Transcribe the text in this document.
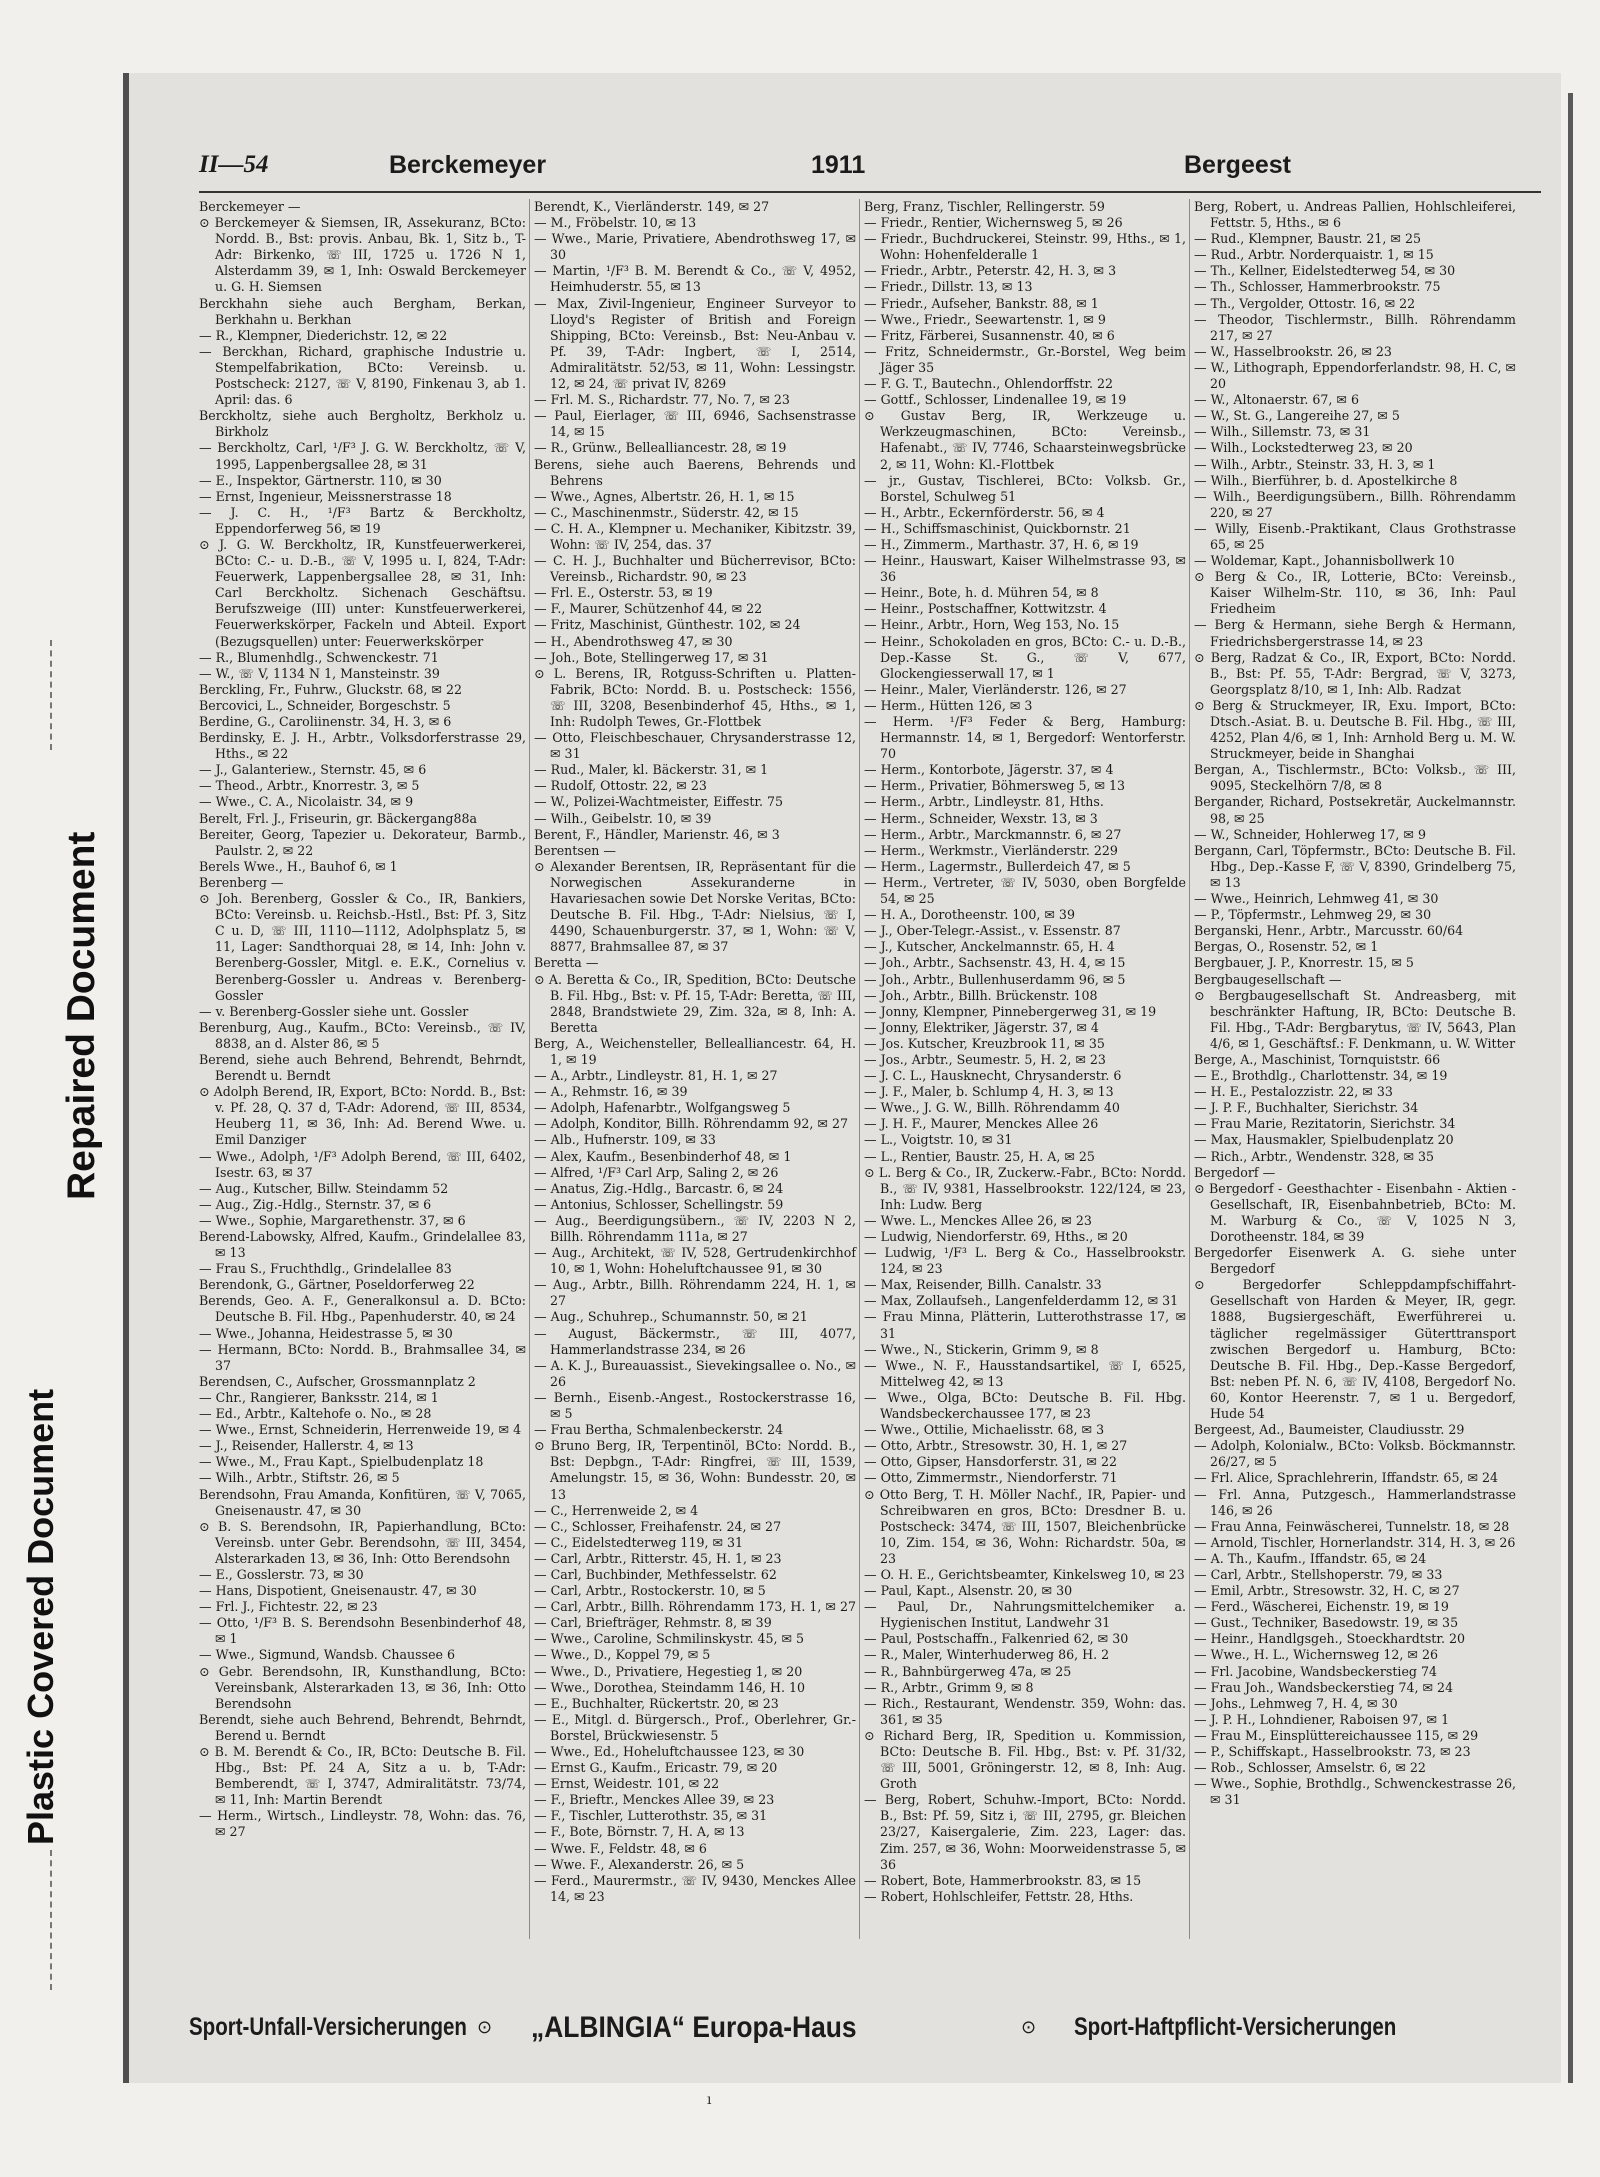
Plastic Covered Document
Repaired Document
II—54	Berckemeyer	1911	Bergeest

Berckemeyer —

⊙ Berckemeyer & Siemsen, IR, Assekuranz, BCto: Nordd. B., Bst: provis. Anbau, Bk. 1, Sitz b., T-Adr: Birkenko, ☏ III, 1725 u. 1726 N 1, Alsterdamm 39, ✉ 1, Inh: Oswald Berckemeyer u. G. H. Siemsen

Berckhahn siehe auch Bergham, Berkan, Berkhahn u. Berkhan

— R., Klempner, Diederichstr. 12, ✉ 22

— Berckhan, Richard, graphische Industrie u. Stempelfabrikation, BCto: Vereinsb. u. Postscheck: 2127, ☏ V, 8190, Finkenau 3, ab 1. April: das. 6

Berckholtz, siehe auch Bergholtz, Berkholz u. Birkholz

— Berckholtz, Carl, ¹/F³ J. G. W. Berckholtz, ☏ V, 1995, Lappenbergsallee 28, ✉ 31

— E., Inspektor, Gärtnerstr. 110, ✉ 30

— Ernst, Ingenieur, Meissnerstrasse 18

— J. C. H., ¹/F³ Bartz & Berckholtz, Eppendorferweg 56, ✉ 19

⊙ J. G. W. Berckholtz, IR, Kunstfeuerwerkerei, BCto: C.- u. D.-B., ☏ V, 1995 u. I, 824, T-Adr: Feuerwerk, Lappenbergsallee 28, ✉ 31, Inh: Carl Berckholtz. Sichenach Geschäftsu. Berufszweige (III) unter: Kunstfeuerwerkerei, Feuerwerkskörper, Fackeln und Abteil. Export (Bezugsquellen) unter: Feuerwerkskörper

— R., Blumenhdlg., Schwenckestr. 71

— W., ☏ V, 1134 N 1, Mansteinstr. 39

Berckling, Fr., Fuhrw., Gluckstr. 68, ✉ 22

Bercovici, L., Schneider, Borgeschstr. 5

Berdine, G., Caroliinenstr. 34, H. 3, ✉ 6

Berdinsky, E. J. H., Arbtr., Volksdorferstrasse 29, Hths., ✉ 22

— J., Galanteriew., Sternstr. 45, ✉ 6

— Theod., Arbtr., Knorrestr. 3, ✉ 5

— Wwe., C. A., Nicolaistr. 34, ✉ 9

Berelt, Frl. J., Friseurin, gr. Bäckergang88a

Bereiter, Georg, Tapezier u. Dekorateur, Barmb., Paulstr. 2, ✉ 22

Berels Wwe., H., Bauhof 6, ✉ 1

Berenberg —

⊙ Joh. Berenberg, Gossler & Co., IR, Bankiers, BCto: Vereinsb. u. Reichsb.-Hstl., Bst: Pf. 3, Sitz C u. D, ☏ III, 1110—1112, Adolphsplatz 5, ✉ 11, Lager: Sandthorquai 28, ✉ 14, Inh: John v. Berenberg-Gossler, Mitgl. e. E.K., Cornelius v. Berenberg-Gossler u. Andreas v. Berenberg-Gossler

— v. Berenberg-Gossler siehe unt. Gossler

Berenburg, Aug., Kaufm., BCto: Vereinsb., ☏ IV, 8838, an d. Alster 86, ✉ 5

Berend, siehe auch Behrend, Behrendt, Behrndt, Berendt u. Berndt

⊙ Adolph Berend, IR, Export, BCto: Nordd. B., Bst: v. Pf. 28, Q. 37 d, T-Adr: Adorend, ☏ III, 8534, Heuberg 11, ✉ 36, Inh: Ad. Berend Wwe. u. Emil Danziger

— Wwe., Adolph, ¹/F³ Adolph Berend, ☏ III, 6402, Isestr. 63, ✉ 37

— Aug., Kutscher, Billw. Steindamm 52

— Aug., Zig.-Hdlg., Sternstr. 37, ✉ 6

— Wwe., Sophie, Margarethenstr. 37, ✉ 6

Berend-Labowsky, Alfred, Kaufm., Grindelallee 83, ✉ 13

— Frau S., Fruchthdlg., Grindelallee 83

Berendonk, G., Gärtner, Poseldorferweg 22

Berends, Geo. A. F., Generalkonsul a. D. BCto: Deutsche B. Fil. Hbg., Papenhuderstr. 40, ✉ 24

— Wwe., Johanna, Heidestrasse 5, ✉ 30

— Hermann, BCto: Nordd. B., Brahmsallee 34, ✉ 37

Berendsen, C., Aufscher, Grossmannplatz 2

— Chr., Rangierer, Banksstr. 214, ✉ 1

— Ed., Arbtr., Kaltehofe o. No., ✉ 28

— Wwe., Ernst, Schneiderin, Herrenweide 19, ✉ 4

— J., Reisender, Hallerstr. 4, ✉ 13

— Wwe., M., Frau Kapt., Spielbudenplatz 18

— Wilh., Arbtr., Stiftstr. 26, ✉ 5

Berendsohn, Frau Amanda, Konfitüren, ☏ V, 7065, Gneisenaustr. 47, ✉ 30

⊙ B. S. Berendsohn, IR, Papierhandlung, BCto: Vereinsb. unter Gebr. Berendsohn, ☏ III, 3454, Alsterarkaden 13, ✉ 36, Inh: Otto Berendsohn

— E., Gosslerstr. 73, ✉ 30

— Hans, Dispotient, Gneisenaustr. 47, ✉ 30

— Frl. J., Fichtestr. 22, ✉ 23

— Otto, ¹/F³ B. S. Berendsohn Besenbinderhof 48, ✉ 1

— Wwe., Sigmund, Wandsb. Chaussee 6

⊙ Gebr. Berendsohn, IR, Kunsthandlung, BCto: Vereinsbank, Alsterarkaden 13, ✉ 36, Inh: Otto Berendsohn

Berendt, siehe auch Behrend, Behrendt, Behrndt, Berend u. Berndt

⊙ B. M. Berendt & Co., IR, BCto: Deutsche B. Fil. Hbg., Bst: Pf. 24 A, Sitz a u. b, T-Adr: Bemberendt, ☏ I, 3747, Admiralitätstr. 73/74, ✉ 11, Inh: Martin Berendt

— Herm., Wirtsch., Lindleystr. 78, Wohn: das. 76, ✉ 27

Berendt, K., Vierländerstr. 149, ✉ 27

— M., Fröbelstr. 10, ✉ 13

— Wwe., Marie, Privatiere, Abendrothsweg 17, ✉ 30

— Martin, ¹/F³ B. M. Berendt & Co., ☏ V, 4952, Heimhuderstr. 55, ✉ 13

— Max, Zivil-Ingenieur, Engineer Surveyor to Lloyd's Register of British and Foreign Shipping, BCto: Vereinsb., Bst: Neu-Anbau v. Pf. 39, T-Adr: Ingbert, ☏ I, 2514, Admiralitätstr. 52/53, ✉ 11, Wohn: Lessingstr. 12, ✉ 24, ☏ privat IV, 8269

— Frl. M. S., Richardstr. 77, No. 7, ✉ 23

— Paul, Eierlager, ☏ III, 6946, Sachsenstrasse 14, ✉ 15

— R., Grünw., Bellealliancestr. 28, ✉ 19

Berens, siehe auch Baerens, Behrends und Behrens

— Wwe., Agnes, Albertstr. 26, H. 1, ✉ 15

— C., Maschinenmstr., Süderstr. 42, ✉ 15

— C. H. A., Klempner u. Mechaniker, Kibitzstr. 39, Wohn: ☏ IV, 254, das. 37

— C. H. J., Buchhalter und Bücherrevisor, BCto: Vereinsb., Richardstr. 90, ✉ 23

— Frl. E., Osterstr. 53, ✉ 19

— F., Maurer, Schützenhof 44, ✉ 22

— Fritz, Maschinist, Günthestr. 102, ✉ 24

— H., Abendrothsweg 47, ✉ 30

— Joh., Bote, Stellingerweg 17, ✉ 31

⊙ L. Berens, IR, Rotguss-Schriften u. Platten-Fabrik, BCto: Nordd. B. u. Postscheck: 1556, ☏ III, 3208, Besenbinderhof 45, Hths., ✉ 1, Inh: Rudolph Tewes, Gr.-Flottbek

— Otto, Fleischbeschauer, Chrysanderstrasse 12, ✉ 31

— Rud., Maler, kl. Bäckerstr. 31, ✉ 1

— Rudolf, Ottostr. 22, ✉ 23

— W., Polizei-Wachtmeister, Eiffestr. 75

— Wilh., Geibelstr. 10, ✉ 39

Berent, F., Händler, Marienstr. 46, ✉ 3

Berentsen —

⊙ Alexander Berentsen, IR, Repräsentant für die Norwegischen Assekuranderne in Havariesachen sowie Det Norske Veritas, BCto: Deutsche B. Fil. Hbg., T-Adr: Nielsius, ☏ I, 4490, Schauenburgerstr. 37, ✉ 1, Wohn: ☏ V, 8877, Brahmsallee 87, ✉ 37

Beretta —

⊙ A. Beretta & Co., IR, Spedition, BCto: Deutsche B. Fil. Hbg., Bst: v. Pf. 15, T-Adr: Beretta, ☏ III, 2848, Brandstwiete 29, Zim. 32a, ✉ 8, Inh: A. Beretta

Berg, A., Weichensteller, Bellealliancestr. 64, H. 1, ✉ 19

— A., Arbtr., Lindleystr. 81, H. 1, ✉ 27

— A., Rehmstr. 16, ✉ 39

— Adolph, Hafenarbtr., Wolfgangsweg 5

— Adolph, Konditor, Billh. Röhrendamm 92, ✉ 27

— Alb., Hufnerstr. 109, ✉ 33

— Alex, Kaufm., Besenbinderhof 48, ✉ 1

— Alfred, ¹/F³ Carl Arp, Saling 2, ✉ 26

— Anatus, Zig.-Hdlg., Barcastr. 6, ✉ 24

— Antonius, Schlosser, Schellingstr. 59

— Aug., Beerdigungsübern., ☏ IV, 2203 N 2, Billh. Röhrendamm 111a, ✉ 27

— Aug., Architekt, ☏ IV, 528, Gertrudenkirchhof 10, ✉ 1, Wohn: Hoheluftchaussee 91, ✉ 30

— Aug., Arbtr., Billh. Röhrendamm 224, H. 1, ✉ 27

— Aug., Schuhrep., Schumannstr. 50, ✉ 21

— August, Bäckermstr., ☏ III, 4077, Hammerlandstrasse 234, ✉ 26

— A. K. J., Bureauassist., Sievekingsallee o. No., ✉ 26

— Bernh., Eisenb.-Angest., Rostockerstrasse 16, ✉ 5

— Frau Bertha, Schmalenbeckerstr. 24

⊙ Bruno Berg, IR, Terpentinöl, BCto: Nordd. B., Bst: Depbgn., T-Adr: Ringfrei, ☏ III, 1539, Amelungstr. 15, ✉ 36, Wohn: Bundesstr. 20, ✉ 13

— C., Herrenweide 2, ✉ 4

— C., Schlosser, Freihafenstr. 24, ✉ 27

— C., Eidelstedterweg 119, ✉ 31

— Carl, Arbtr., Ritterstr. 45, H. 1, ✉ 23

— Carl, Buchbinder, Methfesselstr. 62

— Carl, Arbtr., Rostockerstr. 10, ✉ 5

— Carl, Arbtr., Billh. Röhrendamm 173, H. 1, ✉ 27

— Carl, Briefträger, Rehmstr. 8, ✉ 39

— Wwe., Caroline, Schmilinskystr. 45, ✉ 5

— Wwe., D., Koppel 79, ✉ 5

— Wwe., D., Privatiere, Hegestieg 1, ✉ 20

— Wwe., Dorothea, Steindamm 146, H. 10

— E., Buchhalter, Rückertstr. 20, ✉ 23

— E., Mitgl. d. Bürgersch., Prof., Oberlehrer, Gr.-Borstel, Brückwiesenstr. 5

— Wwe., Ed., Hoheluftchaussee 123, ✉ 30

— Ernst G., Kaufm., Ericastr. 79, ✉ 20

— Ernst, Weidestr. 101, ✉ 22

— F., Brieftr., Menckes Allee 39, ✉ 23

— F., Tischler, Lutterothstr. 35, ✉ 31

— F., Bote, Börnstr. 7, H. A, ✉ 13

— Wwe. F., Feldstr. 48, ✉ 6

— Wwe. F., Alexanderstr. 26, ✉ 5

— Ferd., Maurermstr., ☏ IV, 9430, Menckes Allee 14, ✉ 23

Berg, Franz, Tischler, Rellingerstr. 59

— Friedr., Rentier, Wichernsweg 5, ✉ 26

— Friedr., Buchdruckerei, Steinstr. 99, Hths., ✉ 1, Wohn: Hohenfelderalle 1

— Friedr., Arbtr., Peterstr. 42, H. 3, ✉ 3

— Friedr., Dillstr. 13, ✉ 13

— Friedr., Aufseher, Bankstr. 88, ✉ 1

— Wwe., Friedr., Seewartenstr. 1, ✉ 9

— Fritz, Färberei, Susannenstr. 40, ✉ 6

— Fritz, Schneidermstr., Gr.-Borstel, Weg beim Jäger 35

— F. G. T., Bautechn., Ohlendorffstr. 22

— Gottf., Schlosser, Lindenallee 19, ✉ 19

⊙ Gustav Berg, IR, Werkzeuge u. Werkzeugmaschinen, BCto: Vereinsb., Hafenabt., ☏ IV, 7746, Schaarsteinwegsbrücke 2, ✉ 11, Wohn: Kl.-Flottbek

— jr., Gustav, Tischlerei, BCto: Volksb. Gr., Borstel, Schulweg 51

— H., Arbtr., Eckernförderstr. 56, ✉ 4

— H., Schiffsmaschinist, Quickbornstr. 21

— H., Zimmerm., Marthastr. 37, H. 6, ✉ 19

— Heinr., Hauswart, Kaiser Wilhelmstrasse 93, ✉ 36

— Heinr., Bote, h. d. Mühren 54, ✉ 8

— Heinr., Postschaffner, Kottwitzstr. 4

— Heinr., Arbtr., Horn, Weg 153, No. 15

— Heinr., Schokoladen en gros, BCto: C.- u. D.-B., Dep.-Kasse St. G., ☏ V, 677, Glockengiesserwall 17, ✉ 1

— Heinr., Maler, Vierländerstr. 126, ✉ 27

— Herm., Hütten 126, ✉ 3

— Herm. ¹/F³ Feder & Berg, Hamburg: Hermannstr. 14, ✉ 1, Bergedorf: Wentorferstr. 70

— Herm., Kontorbote, Jägerstr. 37, ✉ 4

— Herm., Privatier, Böhmersweg 5, ✉ 13

— Herm., Arbtr., Lindleystr. 81, Hths.

— Herm., Schneider, Wexstr. 13, ✉ 3

— Herm., Arbtr., Marckmannstr. 6, ✉ 27

— Herm., Werkmstr., Vierländerstr. 229

— Herm., Lagermstr., Bullerdeich 47, ✉ 5

— Herm., Vertreter, ☏ IV, 5030, oben Borgfelde 54, ✉ 25

— H. A., Dorotheenstr. 100, ✉ 39

— J., Ober-Telegr.-Assist., v. Essenstr. 87

— J., Kutscher, Anckelmannstr. 65, H. 4

— Joh., Arbtr., Sachsenstr. 43, H. 4, ✉ 15

— Joh., Arbtr., Bullenhuserdamm 96, ✉ 5

— Joh., Arbtr., Billh. Brückenstr. 108

— Jonny, Klempner, Pinnebergerweg 31, ✉ 19

— Jonny, Elektriker, Jägerstr. 37, ✉ 4

— Jos. Kutscher, Kreuzbrook 11, ✉ 35

— Jos., Arbtr., Seumestr. 5, H. 2, ✉ 23

— J. C. L., Hausknecht, Chrysanderstr. 6

— J. F., Maler, b. Schlump 4, H. 3, ✉ 13

— Wwe., J. G. W., Billh. Röhrendamm 40

— J. H. F., Maurer, Menckes Allee 26

— L., Voigtstr. 10, ✉ 31

— L., Rentier, Baustr. 25, H. A, ✉ 25

⊙ L. Berg & Co., IR, Zuckerw.-Fabr., BCto: Nordd. B., ☏ IV, 9381, Hasselbrookstr. 122/124, ✉ 23, Inh: Ludw. Berg

— Wwe. L., Menckes Allee 26, ✉ 23

— Ludwig, Niendorferstr. 69, Hths., ✉ 20

— Ludwig, ¹/F³ L. Berg & Co., Hasselbrookstr. 124, ✉ 23

— Max, Reisender, Billh. Canalstr. 33

— Max, Zollaufseh., Langenfelderdamm 12, ✉ 31

— Frau Minna, Plätterin, Lutterothstrasse 17, ✉ 31

— Wwe., N., Stickerin, Grimm 9, ✉ 8

— Wwe., N. F., Hausstandsartikel, ☏ I, 6525, Mittelweg 42, ✉ 13

— Wwe., Olga, BCto: Deutsche B. Fil. Hbg. Wandsbeckerchaussee 177, ✉ 23

— Wwe., Ottilie, Michaelisstr. 68, ✉ 3

— Otto, Arbtr., Stresowstr. 30, H. 1, ✉ 27

— Otto, Gipser, Hansdorferstr. 31, ✉ 22

— Otto, Zimmermstr., Niendorferstr. 71

⊙ Otto Berg, T. H. Möller Nachf., IR, Papier- und Schreibwaren en gros, BCto: Dresdner B. u. Postscheck: 3474, ☏ III, 1507, Bleichenbrücke 10, Zim. 154, ✉ 36, Wohn: Richardstr. 50a, ✉ 23

— O. H. E., Gerichtsbeamter, Kinkelsweg 10, ✉ 23

— Paul, Kapt., Alsenstr. 20, ✉ 30

— Paul, Dr., Nahrungsmittelchemiker a. Hygienischen Institut, Landwehr 31

— Paul, Postschaffn., Falkenried 62, ✉ 30

— R., Maler, Winterhuderweg 86, H. 2

— R., Bahnbürgerweg 47a, ✉ 25

— R., Arbtr., Grimm 9, ✉ 8

— Rich., Restaurant, Wendenstr. 359, Wohn: das. 361, ✉ 35

⊙ Richard Berg, IR, Spedition u. Kommission, BCto: Deutsche B. Fil. Hbg., Bst: v. Pf. 31/32, ☏ III, 5001, Gröningerstr. 12, ✉ 8, Inh: Aug. Groth

— Berg, Robert, Schuhw.-Import, BCto: Nordd. B., Bst: Pf. 59, Sitz i, ☏ III, 2795, gr. Bleichen 23/27, Kaisergalerie, Zim. 223, Lager: das. Zim. 257, ✉ 36, Wohn: Moorweidenstrasse 5, ✉ 36

— Robert, Bote, Hammerbrookstr. 83, ✉ 15

— Robert, Hohlschleifer, Fettstr. 28, Hths.

Berg, Robert, u. Andreas Pallien, Hohlschleiferei, Fettstr. 5, Hths., ✉ 6

— Rud., Klempner, Baustr. 21, ✉ 25

— Rud., Arbtr. Norderquaistr. 1, ✉ 15

— Th., Kellner, Eidelstedterweg 54, ✉ 30

— Th., Schlosser, Hammerbrookstr. 75

— Th., Vergolder, Ottostr. 16, ✉ 22

— Theodor, Tischlermstr., Billh. Röhrendamm 217, ✉ 27

— W., Hasselbrookstr. 26, ✉ 23

— W., Lithograph, Eppendorferlandstr. 98, H. C, ✉ 20

— W., Altonaerstr. 67, ✉ 6

— W., St. G., Langereihe 27, ✉ 5

— Wilh., Sillemstr. 73, ✉ 31

— Wilh., Lockstedterweg 23, ✉ 20

— Wilh., Arbtr., Steinstr. 33, H. 3, ✉ 1

— Wilh., Bierführer, b. d. Apostelkirche 8

— Wilh., Beerdigungsübern., Billh. Röhrendamm 220, ✉ 27

— Willy, Eisenb.-Praktikant, Claus Grothstrasse 65, ✉ 25

— Woldemar, Kapt., Johannisbollwerk 10

⊙ Berg & Co., IR, Lotterie, BCto: Vereinsb., Kaiser Wilhelm-Str. 110, ✉ 36, Inh: Paul Friedheim

— Berg & Hermann, siehe Bergh & Hermann, Friedrichsbergerstrasse 14, ✉ 23

⊙ Berg, Radzat & Co., IR, Export, BCto: Nordd. B., Bst: Pf. 55, T-Adr: Bergrad, ☏ V, 3273, Georgsplatz 8/10, ✉ 1, Inh: Alb. Radzat

⊙ Berg & Struckmeyer, IR, Exu. Import, BCto: Dtsch.-Asiat. B. u. Deutsche B. Fil. Hbg., ☏ III, 4252, Plan 4/6, ✉ 1, Inh: Arnhold Berg u. M. W. Struckmeyer, beide in Shanghai

Bergan, A., Tischlermstr., BCto: Volksb., ☏ III, 9095, Steckelhörn 7/8, ✉ 8

Bergander, Richard, Postsekretär, Auckelmannstr. 98, ✉ 25

— W., Schneider, Hohlerweg 17, ✉ 9

Bergann, Carl, Töpfermstr., BCto: Deutsche B. Fil. Hbg., Dep.-Kasse F, ☏ V, 8390, Grindelberg 75, ✉ 13

— Wwe., Heinrich, Lehmweg 41, ✉ 30

— P., Töpfermstr., Lehmweg 29, ✉ 30

Berganski, Henr., Arbtr., Marcusstr. 60/64

Bergas, O., Rosenstr. 52, ✉ 1

Bergbauer, J. P., Knorrestr. 15, ✉ 5

Bergbaugesellschaft —

⊙ Bergbaugesellschaft St. Andreasberg, mit beschränkter Haftung, IR, BCto: Deutsche B. Fil. Hbg., T-Adr: Bergbarytus, ☏ IV, 5643, Plan 4/6, ✉ 1, Geschäftsf.: F. Denkmann, u. W. Witter

Berge, A., Maschinist, Tornquiststr. 66

— E., Brothdlg., Charlottenstr. 34, ✉ 19

— H. E., Pestalozzistr. 22, ✉ 33

— J. P. F., Buchhalter, Sierichstr. 34

— Frau Marie, Rezitatorin, Sierichstr. 34

— Max, Hausmakler, Spielbudenplatz 20

— Rich., Arbtr., Wendenstr. 328, ✉ 35

Bergedorf —

⊙ Bergedorf - Geesthachter - Eisenbahn - Aktien - Gesellschaft, IR, Eisenbahnbetrieb, BCto: M. M. Warburg & Co., ☏ V, 1025 N 3, Dorotheenstr. 184, ✉ 39

Bergedorfer Eisenwerk A. G. siehe unter Bergedorf

⊙ Bergedorfer Schleppdampfschiffahrt-Gesellschaft von Harden & Meyer, IR, gegr. 1888, Bugsiergeschäft, Ewerführerei u. täglicher regelmässiger Güterttransport zwischen Bergedorf u. Hamburg, BCto: Deutsche B. Fil. Hbg., Dep.-Kasse Bergedorf, Bst: neben Pf. N. 6, ☏ IV, 4108, Bergedorf No. 60, Kontor Heerenstr. 7, ✉ 1 u. Bergedorf, Hude 54

Bergeest, Ad., Baumeister, Claudiusstr. 29

— Adolph, Kolonialw., BCto: Volksb. Böckmannstr. 26/27, ✉ 5

— Frl. Alice, Sprachlehrerin, Iffandstr. 65, ✉ 24

— Frl. Anna, Putzgesch., Hammerlandstrasse 146, ✉ 26

— Frau Anna, Feinwäscherei, Tunnelstr. 18, ✉ 28

— Arnold, Tischler, Hornerlandstr. 314, H. 3, ✉ 26

— A. Th., Kaufm., Iffandstr. 65, ✉ 24

— Carl, Arbtr., Stellshoperstr. 79, ✉ 33

— Emil, Arbtr., Stresowstr. 32, H. C, ✉ 27

— Ferd., Wäscherei, Eichenstr. 19, ✉ 19

— Gust., Techniker, Basedowstr. 19, ✉ 35

— Heinr., Handlgsgeh., Stoeckhardtstr. 20

— Wwe., H. L., Wichernsweg 12, ✉ 26

— Frl. Jacobine, Wandsbeckerstieg 74

— Frau Joh., Wandsbeckerstieg 74, ✉ 24

— Johs., Lehmweg 7, H. 4, ✉ 30

— J. P. H., Lohndiener, Raboisen 97, ✉ 1

— Frau M., Einsplüttereichaussee 115, ✉ 29

— P., Schiffskapt., Hasselbrookstr. 73, ✉ 23

— Rob., Schlosser, Amselstr. 6, ✉ 22

— Wwe., Sophie, Brothdlg., Schwenckestrasse 26, ✉ 31

Sport-Unfall-Versicherungen ⊙ „ALBINGIA“ Europa-Haus	⊙ Sport-Haftpflicht-Versicherungen
ı
